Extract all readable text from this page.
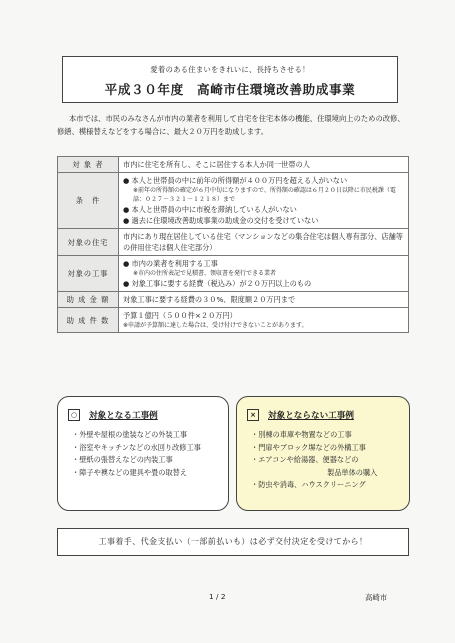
愛着のある住まいをきれいに、長持ちさせる！
平成３０年度　高崎市住環境改善助成事業
本市では、市民のみなさんが市内の業者を利用して自宅を住宅本体の機能、住環境向上のための改修、修繕、模様替えなどをする場合に、最大２０万円を助成します。
対 象 者	市内に住宅を所有し、そこに居住する本人か同一世帯の人
条　件	● 本人と世帯員の中に前年の所得額が４００万円を超える人がいない
※前年の所得額の確定が６月中旬になりますので、所得額の確認は６月２０日以降に市民税課（電話：０２７－３２１－１２１８）まで
● 本人と世帯員の中に市税を滞納している人がいない
● 過去に住環境改善助成事業の助成金の交付を受けていない

対象の住宅	市内にあり現在居住している住宅（マンションなどの集合住宅は個人専有部分、店舗等の併用住宅は個人住宅部分）
対象の工事	● 市内の業者を利用する工事
※市内の住所表記で見積書、領収書を発行できる業者
● 対象工事に要する経費（税込み）が２０万円以上のもの

助 成 金 額	対象工事に要する経費の３０%、限度額２０万円まで
助 成 件 数	予算１億円（５００件×２０万円）
※申請が予算額に達した場合は、受け付けできないことがあります。
○ 対象となる工事例
・外壁や屋根の塗装などの外装工事
・浴室やキッチンなどの水回り改修工事
・壁紙の張替えなどの内装工事
・障子や襖などの建具や畳の取替え
× 対象とならない工事例
・別棟の車庫や物置などの工事
・門扉やブロック塀などの外構工事
・エアコンや給湯器、便器などの
製品単体の購入
・防虫や消毒、ハウスクリーニング
工事着手、代金支払い（一部前払いも）は必ず交付決定を受けてから！
1 / 2	高崎市
